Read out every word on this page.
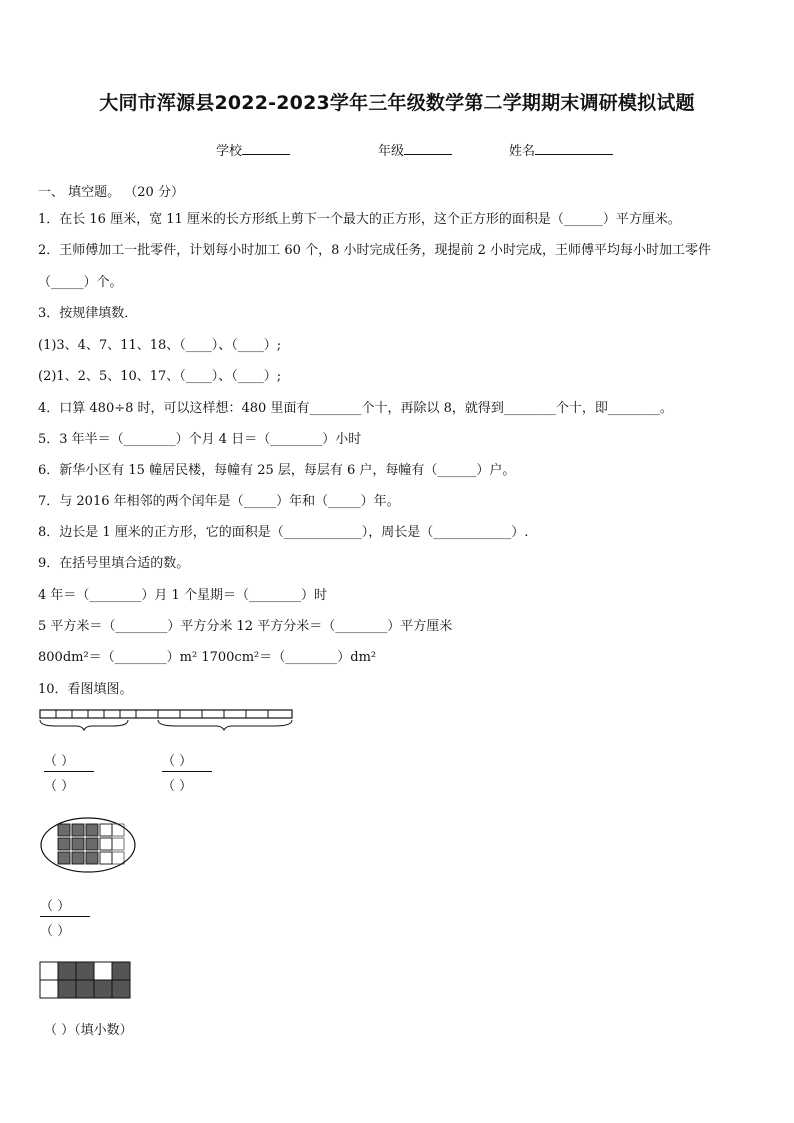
大同市浑源县2022-2023学年三年级数学第二学期期末调研模拟试题
学校	年级	姓名
一、 填空题。 （20 分）
1．在长 16 厘米，宽 11 厘米的长方形纸上剪下一个最大的正方形，这个正方形的面积是（______）平方厘米。
2．王师傅加工一批零件，计划每小时加工 60 个，8 小时完成任务，现提前 2 小时完成，王师傅平均每小时加工零件
（_____）个。
3．按规律填数．
(1)3、4、7、11、18、（____）、（____）;
(2)1、2、5、10、17、（____）、（____）;
4．口算 480÷8 时，可以这样想：480 里面有________个十，再除以 8，就得到________个十，即________。
5．3 年半＝（________）个月 4 日＝（________）小时
6．新华小区有 15 幢居民楼，每幢有 25 层，每层有 6 户，每幢有（______）户。
7．与 2016 年相邻的两个闰年是（_____）年和（_____）年。
8．边长是 1 厘米的正方形，它的面积是（____________），周长是（____________）.
9．在括号里填合适的数。
4 年＝（________）月 1 个星期＝（________）时
5 平方米＝（________）平方分米 12 平方分米＝（________）平方厘米
800dm²＝（________）m² 1700cm²＝（________）dm²
10．看图填图。
（ ）
（ ）
（ ）
（ ）
（ ）
（ ）
（ ）（填小数）
